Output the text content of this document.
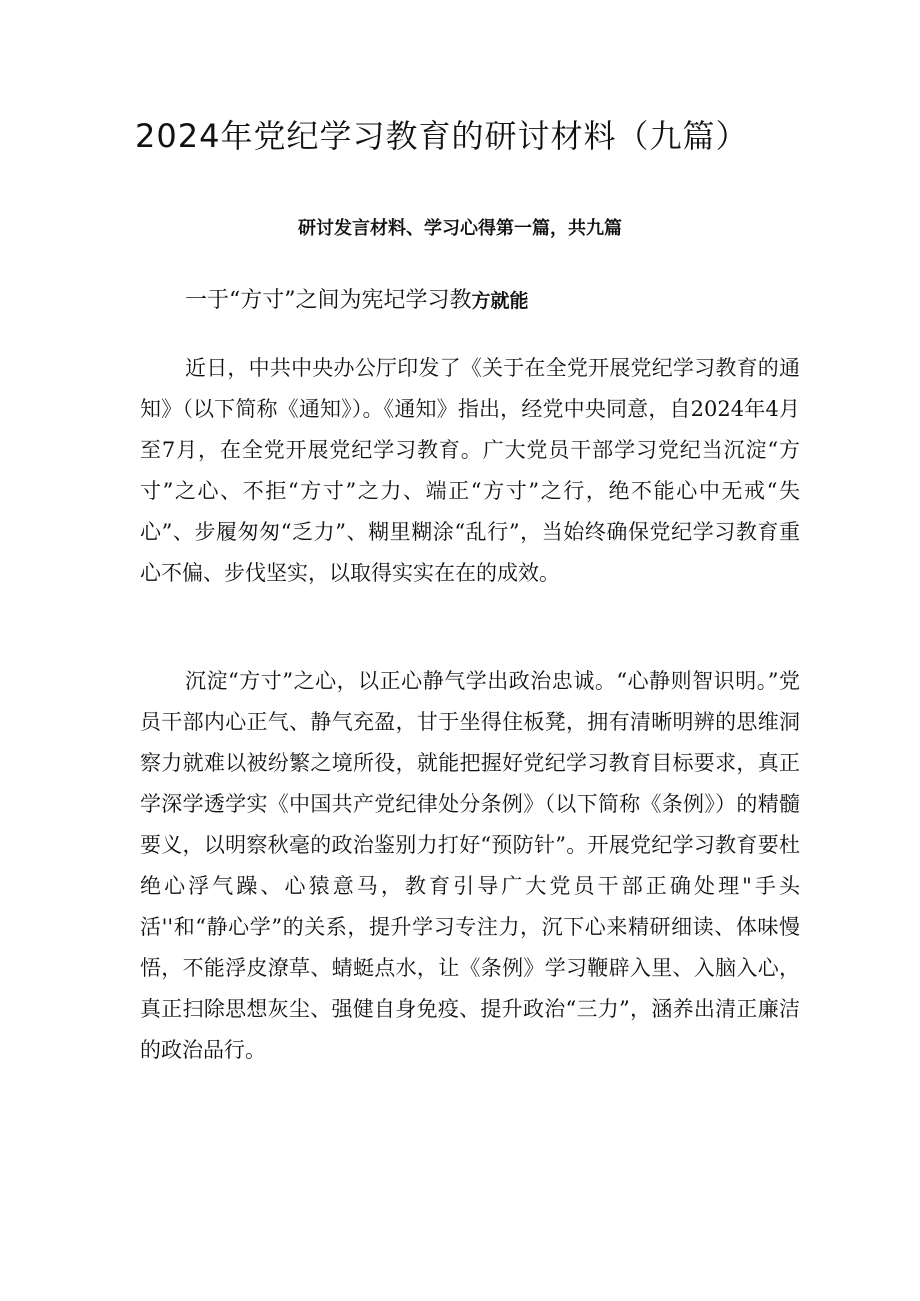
2024年党纪学习教育的研讨材料（九篇）
研讨发言材料、学习心得第一篇，共九篇
一于“方寸”之间为宪圮学习教方就能

近日，中共中央办公厅印发了《关于在全党开展党纪学习教育的通知》（以下简称《通知》）。《通知》指出，经党中央同意，自2024年4月至7月，在全党开展党纪学习教育。广大党员干部学习党纪当沉淀“方寸”之心、不拒“方寸”之力、端正“方寸”之行，绝不能心中无戒“失心”、步履匆匆“乏力”、糊里糊涂“乱行”，当始终确保党纪学习教育重心不偏、步伐坚实，以取得实实在在的成效。

沉淀“方寸”之心，以正心静气学出政治忠诚。“心静则智识明。”党员干部内心正气、静气充盈，甘于坐得住板凳，拥有清晰明辨的思维洞察力就难以被纷繁之境所役，就能把握好党纪学习教育目标要求，真正学深学透学实《中国共产党纪律处分条例》（以下简称《条例》）的精髓要义，以明察秋毫的政治鉴别力打好“预防针”。开展党纪学习教育要杜绝心浮气躁、心猿意马，教育引导广大党员干部正确处理"手头活''和“静心学”的关系，提升学习专注力，沉下心来精研细读、体味慢悟，不能浮皮潦草、蜻蜓点水，让《条例》学习鞭辟入里、入脑入心，真正扫除思想灰尘、强健自身免疫、提升政治“三力”，涵养出清正廉洁的政治品行。
